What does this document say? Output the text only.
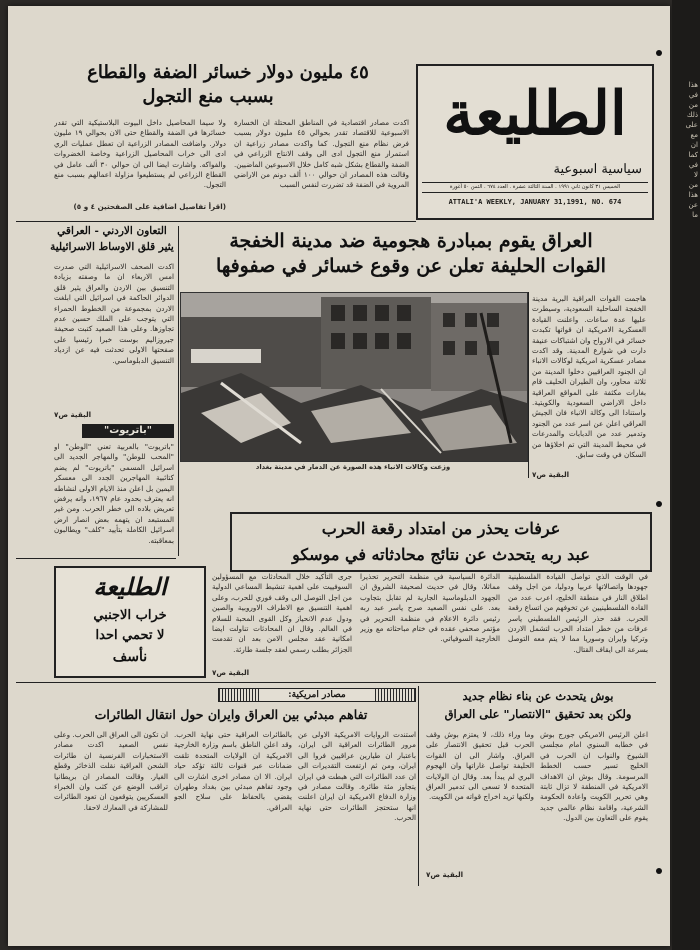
الطليعة
سياسية اسبوعية
الخميس ٣١ كانون ثاني ١٩٩١ . السنة الثالثة عشرة . العدد ٦٧٤ . الثمن ٥٠ أغورة
ATTALI'A WEEKLY, JANUARY 31,1991, NO. 674
٤٥ مليون دولار خسائر الضفة والقطاع
بسبب منع التجول
اكدت مصادر اقتصادية في المناطق المحتلة ان الخسارة الاسبوعية للاقتصاد تقدر بحوالي ٤٥ مليون دولار بسبب فرض نظام منع التجول. كما واكدت مصادر زراعية ان استمرار منع التجول ادى الى وقف الانتاج الزراعي في الضفة والقطاع بشكل شبه كامل خلال الاسبوعين الماضيين. وقالت هذه المصادر ان حوالي ١٠٠ ألف دونم من الاراضي المروية في الضفة قد تضررت لنفس السبب
ولا سيما المحاصيل داخل البيوت البلاستيكية التي تقدر خسائرها في الضفة والقطاع حتى الان بحوالي ١٩ مليون دولار. واضافت المصادر الزراعية ان تعطل عمليات الري ادى الى خراب المحاصيل الزراعية وخاصة الخضروات والفواكه. واشارت ايضا الى ان حوالي ٣٠ ألف عامل في القطاع الزراعي لم يستطيعوا مزاولة اعمالهم بسبب منع التجول.
(اقرأ تفاصيل اضافية على الصفحتين ٤ و ٥)
العراق يقوم بمبادرة هجومية ضد مدينة الخفجة
القوات الحليفة تعلن عن وقوع خسائر في صفوفها
وزعت وكالات الانباء هذه الصورة عن الدمار في مدينة بغداد
هاجمت القوات العراقية البرية مدينة الخفجة الساحلية السعودية، وسيطرت عليها عدة ساعات. واعلنت القيادة العسكرية الامريكية ان قواتها تكبدت خسائر في الارواح وان اشتباكات عنيفة دارت في شوارع المدينة. وقد اكدت مصادر عسكرية امريكية لوكالات الانباء ان الجنود العراقيين دخلوا المدينة من ثلاثة محاور، وان الطيران الحليف قام بغارات مكثفة على المواقع العراقية داخل الاراضي السعودية والكويتية. واستنادا الى وكالة الانباء فان الجيش العراقي اعلن عن اسر عدد من الجنود وتدمير عدد من الدبابات والمدرعات في محيط المدينة التي تم اخلاؤها من السكان في وقت سابق.
البقية ص٧
التعاون الاردني - العراقي
يثير قلق الاوساط الاسرائيلية
اكدت الصحف الاسرائيلية التي صدرت امس الاربعاء ان ما وصفته بزيادة التنسيق بين الاردن والعراق يثير قلق الدوائر الحاكمة في اسرائيل التي ابلغت الاردن بمجموعة من الخطوط الحمراء التي يتوجب على الملك حسين عدم تجاوزها. وعلى هذا الصعيد كتبت صحيفة جيروزاليم بوست خبرا رئيسيا على صفحتها الاولى تحدثت فيه عن ازدياد التنسيق الدبلوماسي.
البقية ص٧
"باتريوت"
"باتريوت" بالعربية تعني "الوطن" او "المحب للوطن" والمهاجر الجديد الى اسرائيل المسمى "باتريوت" لم يضم كتائبية المهاجرين الجدد الى معسكر اليمين بل اعلن منذ الايام الاولى لنشاطه انه يعترف بحدود عام ١٩٦٧، وانه يرفض تعريض بلاده الى خطر الحرب. ومن غير المستبعد ان يتهمه بعض انصار ارض اسرائيل الكاملة بتأييد "كلف" ويطالبون بمعاقبته.
عرفات يحذر من امتداد رقعة الحرب
عبد ربه يتحدث عن نتائج محادثاته في موسكو
في الوقت الذي تواصل القيادة الفلسطينية جهودها واتصالاتها عربيا ودوليا، من اجل وقف اطلاق النار في منطقة الخليج، اعرب عدد من القادة الفلسطينيين عن تخوفهم من اتساع رقعة الحرب. فقد حذر الرئيس الفلسطيني ياسر عرفات من خطر امتداد الحرب لتشمل الاردن وتركيا وايران وسوريا مما لا يتم معه التوصل بسرعة الى ايقاف القتال.
الدائرة السياسية في منظمة التحرير تحذيرا مماثلا، وقال في حديث لصحيفة الشروق ان الجهود الدبلوماسية الجارية لم تقابل بتجاوب بعد. على نفس الصعيد صرح ياسر عبد ربه رئيس دائرة الاعلام في منظمة التحرير في مؤتمر صحفي عقده في ختام مباحثاته مع وزير الخارجية السوفياتي.
جرى التأكيد خلال المحادثات مع المسؤولين السوفييت على اهمية تنشيط المساعي الدولية من اجل التوصل الى وقف فوري للحرب، وعلى اهمية التنسيق مع الاطراف الاوروبية والصين ودول عدم الانحياز وكل القوى المحبة للسلام في العالم. وقال ان المحادثات تناولت ايضا امكانية عقد مجلس الامن بعد ان تقدمت الجزائر بطلب رسمي لعقد جلسة طارئة.
البقية ص٧
الطليعة
خراب الاجنبي
لا تحمي احدا
نأسف
مصادر امريكية:
تفاهم مبدئي بين العراق وايران حول انتقال الطائرات
استندت الروايات الامريكية الاولى عن مرور الطائرات العراقية الى ايران، باعتبار ان طيارين عراقيين فروا الى ايران، ومن ثم ارتفعت التقديرات الى ان عدد الطائرات التي هبطت في ايران يتجاوز مئة طائرة. وقالت مصادر في وزارة الدفاع الامريكية ان ايران اعلنت انها ستحتجز الطائرات حتى نهاية الحرب.
بالطائرات العراقية حتى نهاية الحرب. وقد اعلن الناطق باسم وزارة الخارجية الامريكية ان الولايات المتحدة تلقت ضمانات عبر قنوات ثالثة تؤكد حياد ايران. الا ان مصادر اخرى اشارت الى وجود تفاهم مبدئي بين بغداد وطهران يقضي بالحفاظ على سلاح الجو العراقي.
ان تكون الى العراق الى الحرب. وعلى نفس الصعيد اكدت مصادر الاستخبارات الفرنسية ان طائرات الشحن العراقية نقلت الذخائر وقطع الغيار. وقالت المصادر ان بريطانيا تراقب الوضع عن كثب وان الخبراء العسكريين يتوقعون ان تعود الطائرات للمشاركة في المعارك لاحقا.
بوش يتحدث عن بناء نظام جديد
ولكن بعد تحقيق "الانتصار" على العراق
اعلن الرئيس الامريكي جورج بوش في خطابه السنوي امام مجلسي الشيوخ والنواب ان الحرب في الخليج تسير حسب الخطط المرسومة. وقال بوش ان الاهداف الامريكية في المنطقة لا تزال ثابتة وهي تحرير الكويت واعادة الحكومة الشرعية، واقامة نظام عالمي جديد يقوم على التعاون بين الدول.
وما وراء ذلك، لا يعتزم بوش وقف الحرب قبل تحقيق الانتصار على العراق. واشار الى ان القوات الحليفة تواصل غاراتها وان الهجوم البري لم يبدأ بعد. وقال ان الولايات المتحدة لا تسعى الى تدمير العراق ولكنها تريد اخراج قواته من الكويت.
البقية ص٧
هذا
في
من
ذلك
على
مع
ان
كما
في
لا
من
هذا
عن
ما
